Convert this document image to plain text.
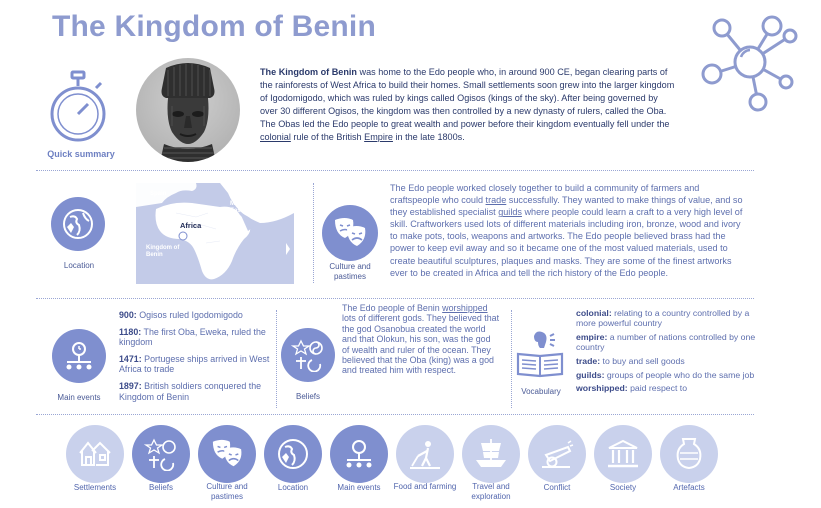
The Kingdom of Benin
Quick summary
The Kingdom of Benin was home to the Edo people who, in around 900 CE, began clearing parts of the rainforests of West Africa to build their homes. Small settlements soon grew into the larger kingdom of Igodomigodo, which was ruled by kings called Ogisos (kings of the sky). After being governed by over 30 different Ogisos, the kingdom was then controlled by a new dynasty of rulers, called the Oba. The Obas led the Edo people to great wealth and power before their kingdom eventually fell under the colonial rule of the British Empire in the late 1800s.
Location
Spain
Middle East
Africa
Kingdom of Benin
Culture and pastimes
The Edo people worked closely together to build a community of farmers and craftspeople who could trade successfully. They wanted to make things of value, and so they established specialist guilds where people could learn a craft to a very high level of skill. Craftworkers used lots of different materials including iron, bronze, wood and ivory to make pots, tools, weapons and artworks. The Edo people believed brass had the power to keep evil away and so it became one of the most valued materials, used to create beautiful sculptures, plaques and masks. They are some of the finest artworks ever to be created in Africa and tell the rich history of the Edo people.
Main events
900: Ogisos ruled Igodomigodo
1180: The first Oba, Eweka, ruled the kingdom
1471: Portugese ships arrived in West Africa to trade
1897: British soldiers conquered the Kingdom of Benin	Beliefs
The Edo people of Benin worshipped lots of different gods. They believed that the god Osanobua created the world and that Olokun, his son, was the god of wealth and ruler of the ocean. They believed that the Oba (king) was a god and treated him with respect.
Vocabulary
colonial: relating to a country controlled by a more powerful country
empire: a number of nations controlled by one country
trade: to buy and sell goods
guilds: groups of people who do the same job
worshipped: paid respect to
Settlements	Beliefs	Culture and pastimes
Location	Main events	Food and farming	Travel and exploration
Conflict	Society	Artefacts
